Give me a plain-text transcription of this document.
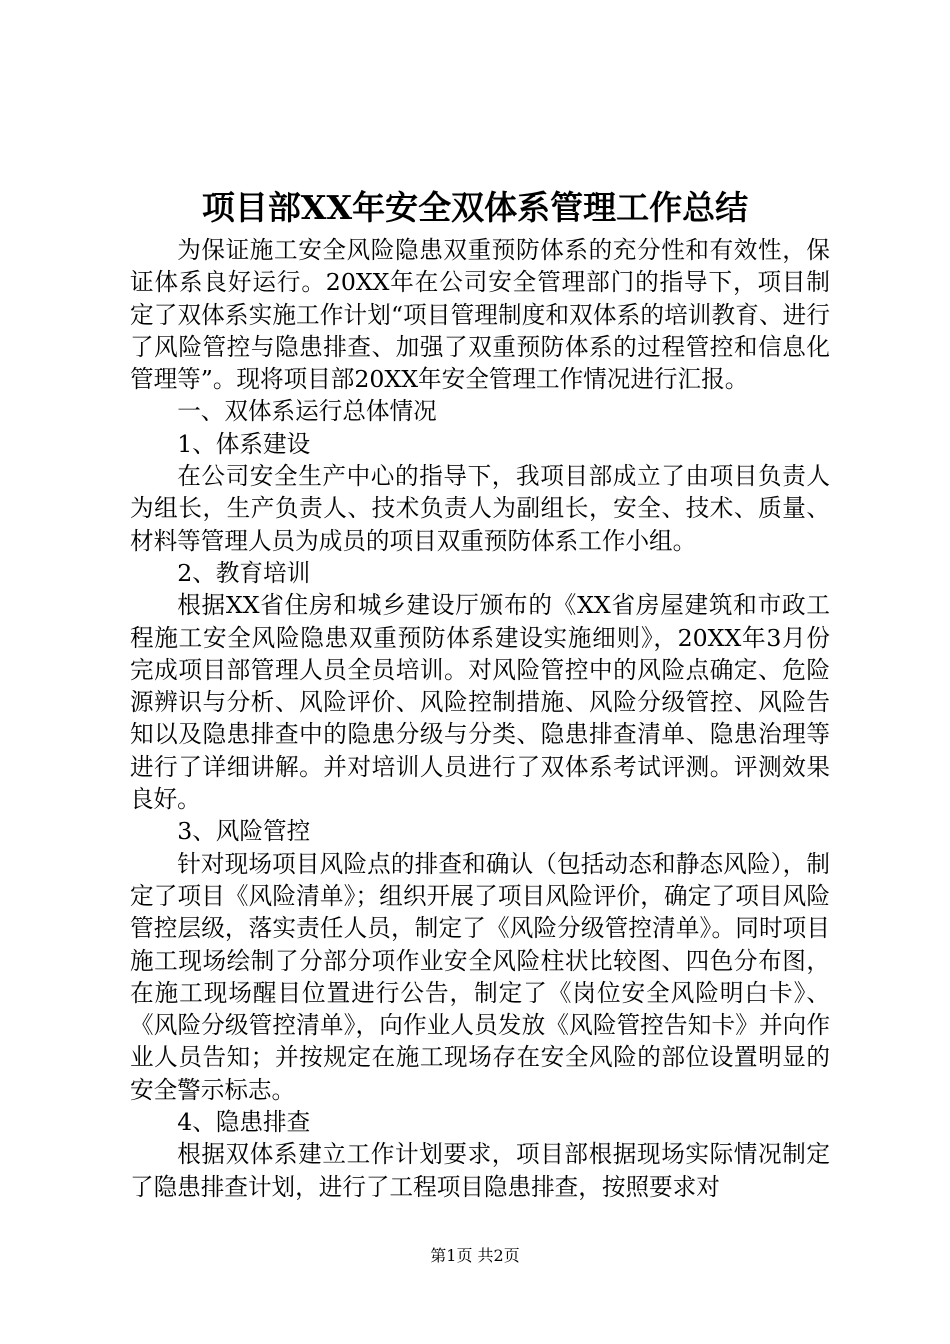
项目部XX年安全双体系管理工作总结

为保证施工安全风险隐患双重预防体系的充分性和有效性，保证体系良好运行。20XX年在公司安全管理部门的指导下，项目制定了双体系实施工作计划“项目管理制度和双体系的培训教育、进行了风险管控与隐患排查、加强了双重预防体系的过程管控和信息化管理等”。现将项目部20XX年安全管理工作情况进行汇报。

一、双体系运行总体情况

1、体系建设

在公司安全生产中心的指导下，我项目部成立了由项目负责人为组长，生产负责人、技术负责人为副组长，安全、技术、质量、材料等管理人员为成员的项目双重预防体系工作小组。

2、教育培训

根据XX省住房和城乡建设厅颁布的《XX省房屋建筑和市政工程施工安全风险隐患双重预防体系建设实施细则》，20XX年3月份完成项目部管理人员全员培训。对风险管控中的风险点确定、危险源辨识与分析、风险评价、风险控制措施、风险分级管控、风险告知以及隐患排查中的隐患分级与分类、隐患排查清单、隐患治理等进行了详细讲解。并对培训人员进行了双体系考试评测。评测效果良好。

3、风险管控

针对现场项目风险点的排查和确认（包括动态和静态风险），制定了项目《风险清单》；组织开展了项目风险评价，确定了项目风险管控层级，落实责任人员，制定了《风险分级管控清单》。同时项目施工现场绘制了分部分项作业安全风险柱状比较图、四色分布图，在施工现场醒目位置进行公告，制定了《岗位安全风险明白卡》、《风险分级管控清单》，向作业人员发放《风险管控告知卡》并向作业人员告知；并按规定在施工现场存在安全风险的部位设置明显的安全警示标志。

4、隐患排查

根据双体系建立工作计划要求，项目部根据现场实际情况制定了隐患排查计划，进行了工程项目隐患排查，按照要求对

第1页 共2页
